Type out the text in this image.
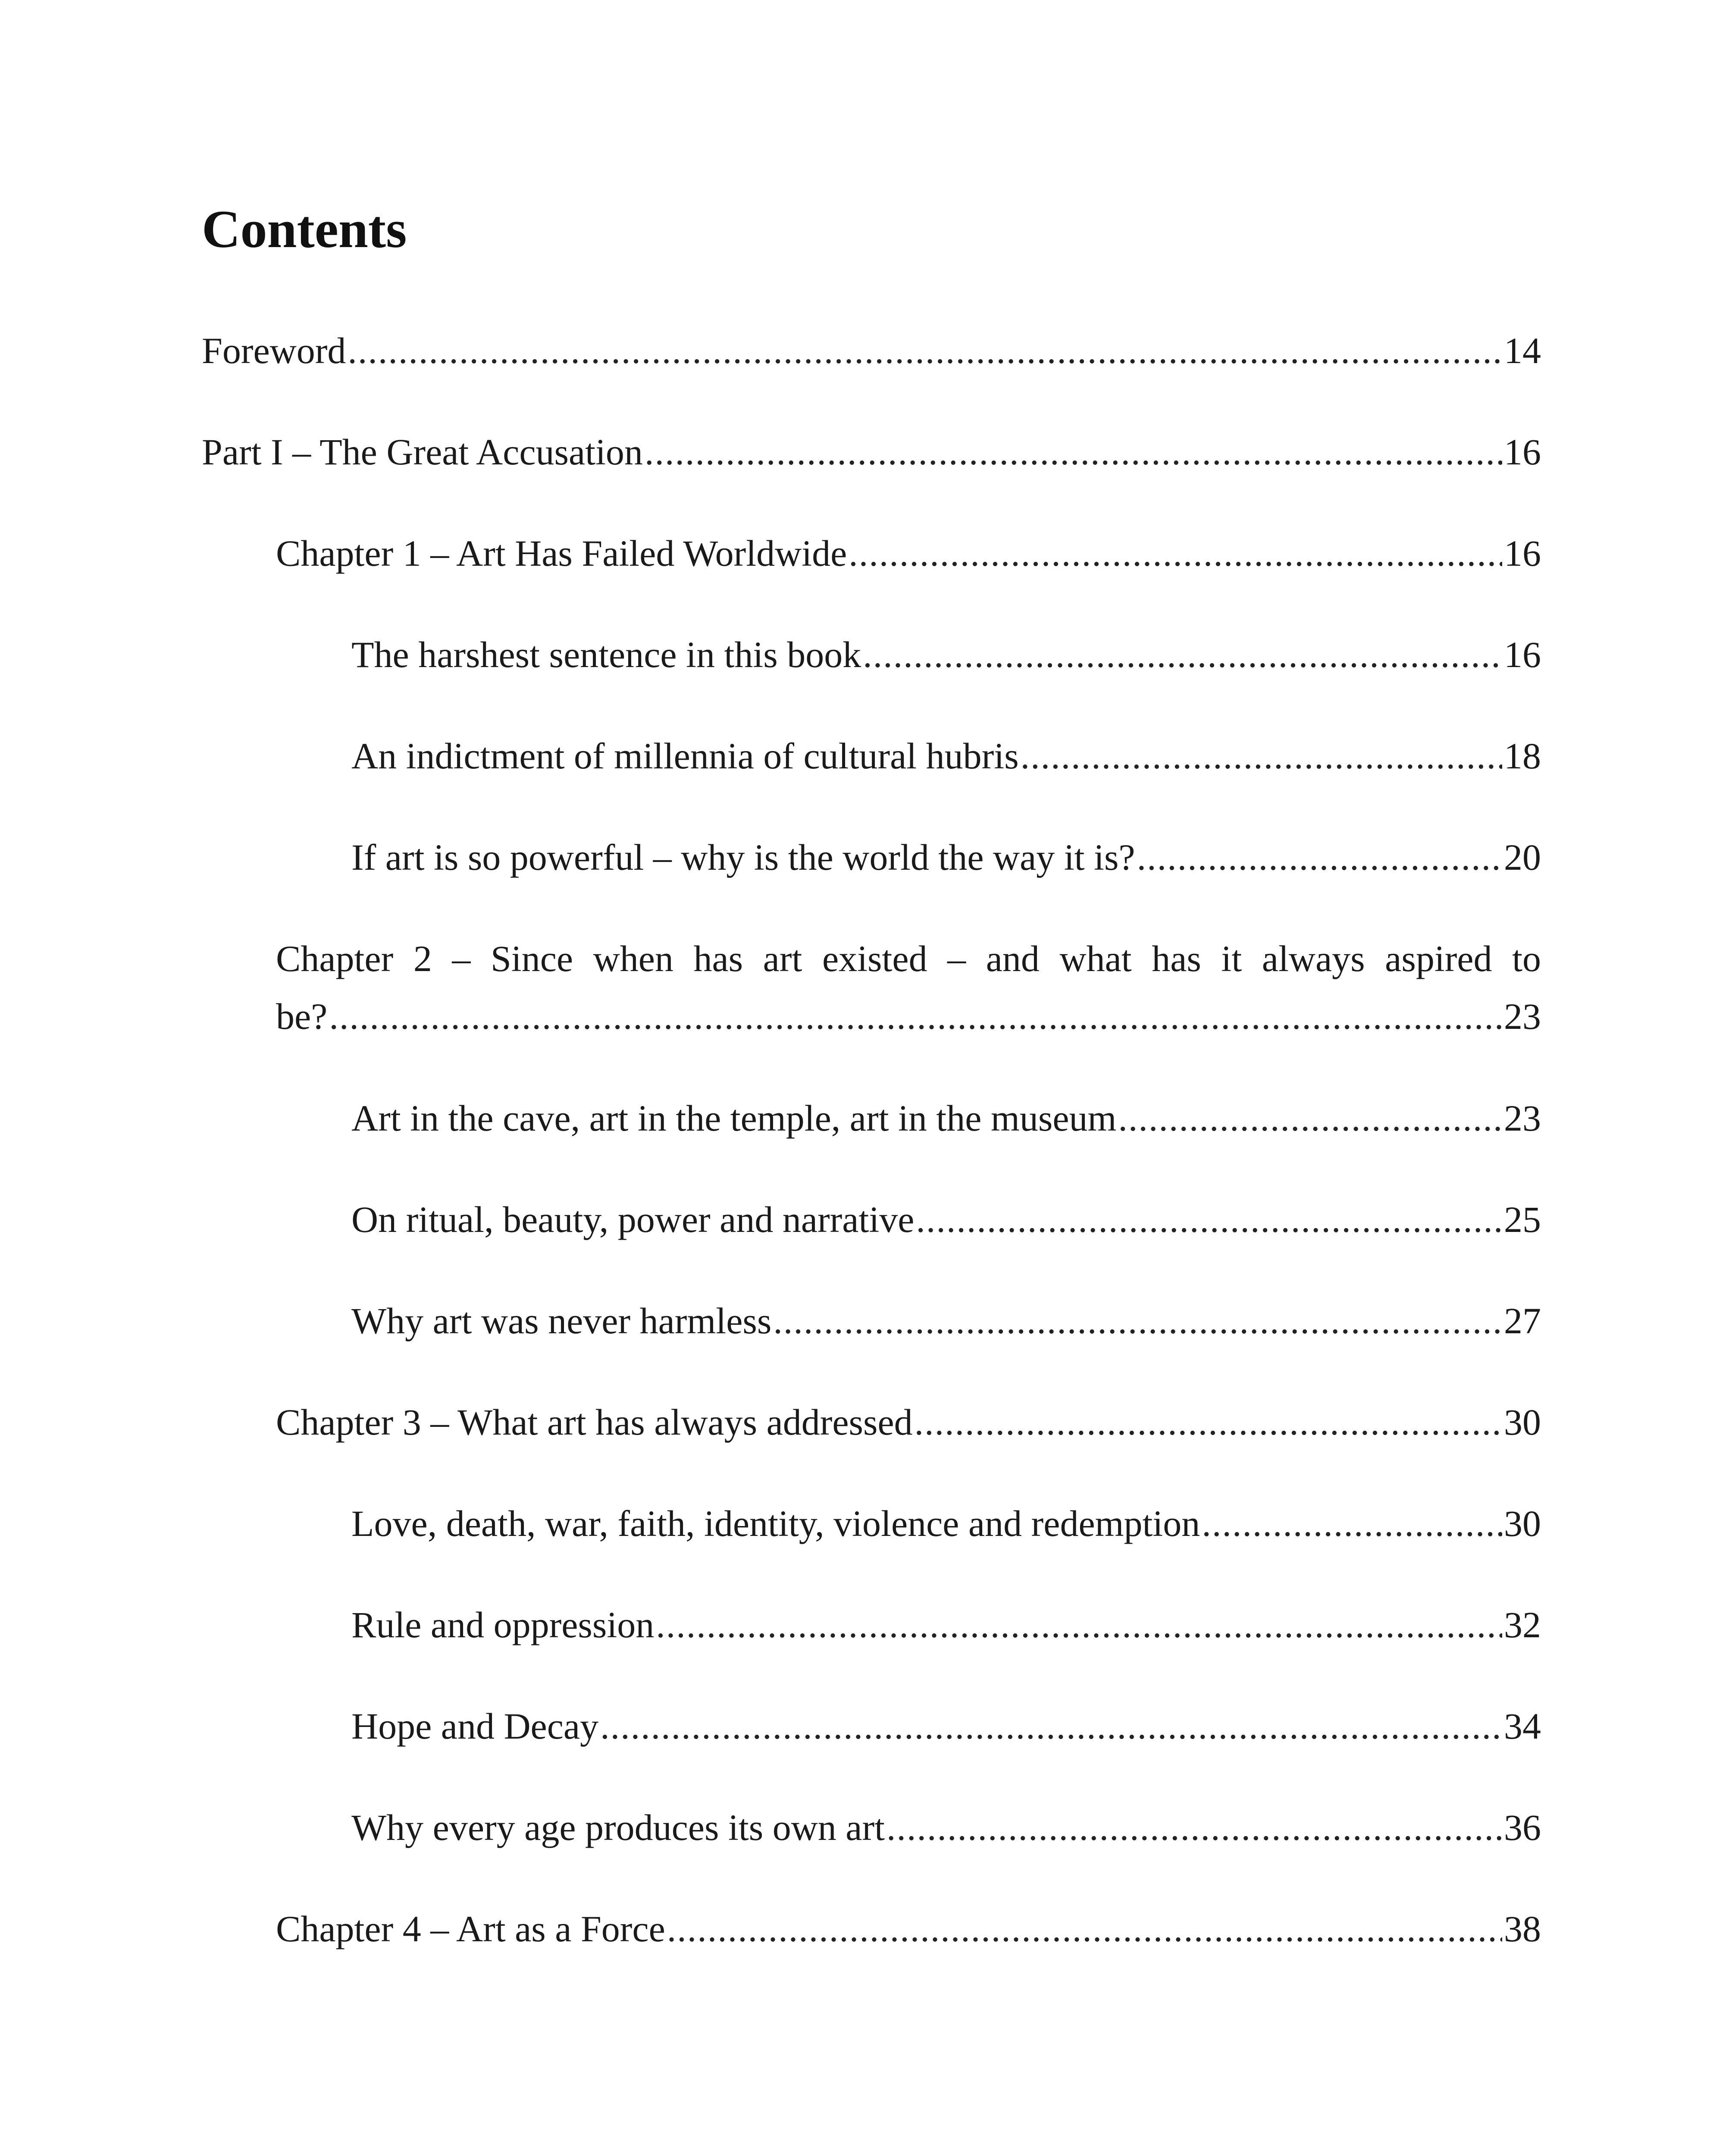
Contents
Foreword .....	14
Part I – The Great Accusation .....	16
Chapter 1 – Art Has Failed Worldwide .....	16
The harshest sentence in this book .....	16
An indictment of millennia of cultural hubris .....	18
If art is so powerful – why is the world the way it is? .....	20
Chapter 2 – Since when has art existed – and what has it always aspired to
be? .....	23
Art in the cave, art in the temple, art in the museum .....	23
On ritual, beauty, power and narrative .....	25
Why art was never harmless .....	27
Chapter 3 – What art has always addressed .....	30
Love, death, war, faith, identity, violence and redemption .....	30
Rule and oppression .....	32
Hope and Decay .....	34
Why every age produces its own art .....	36
Chapter 4 – Art as a Force .....	38
